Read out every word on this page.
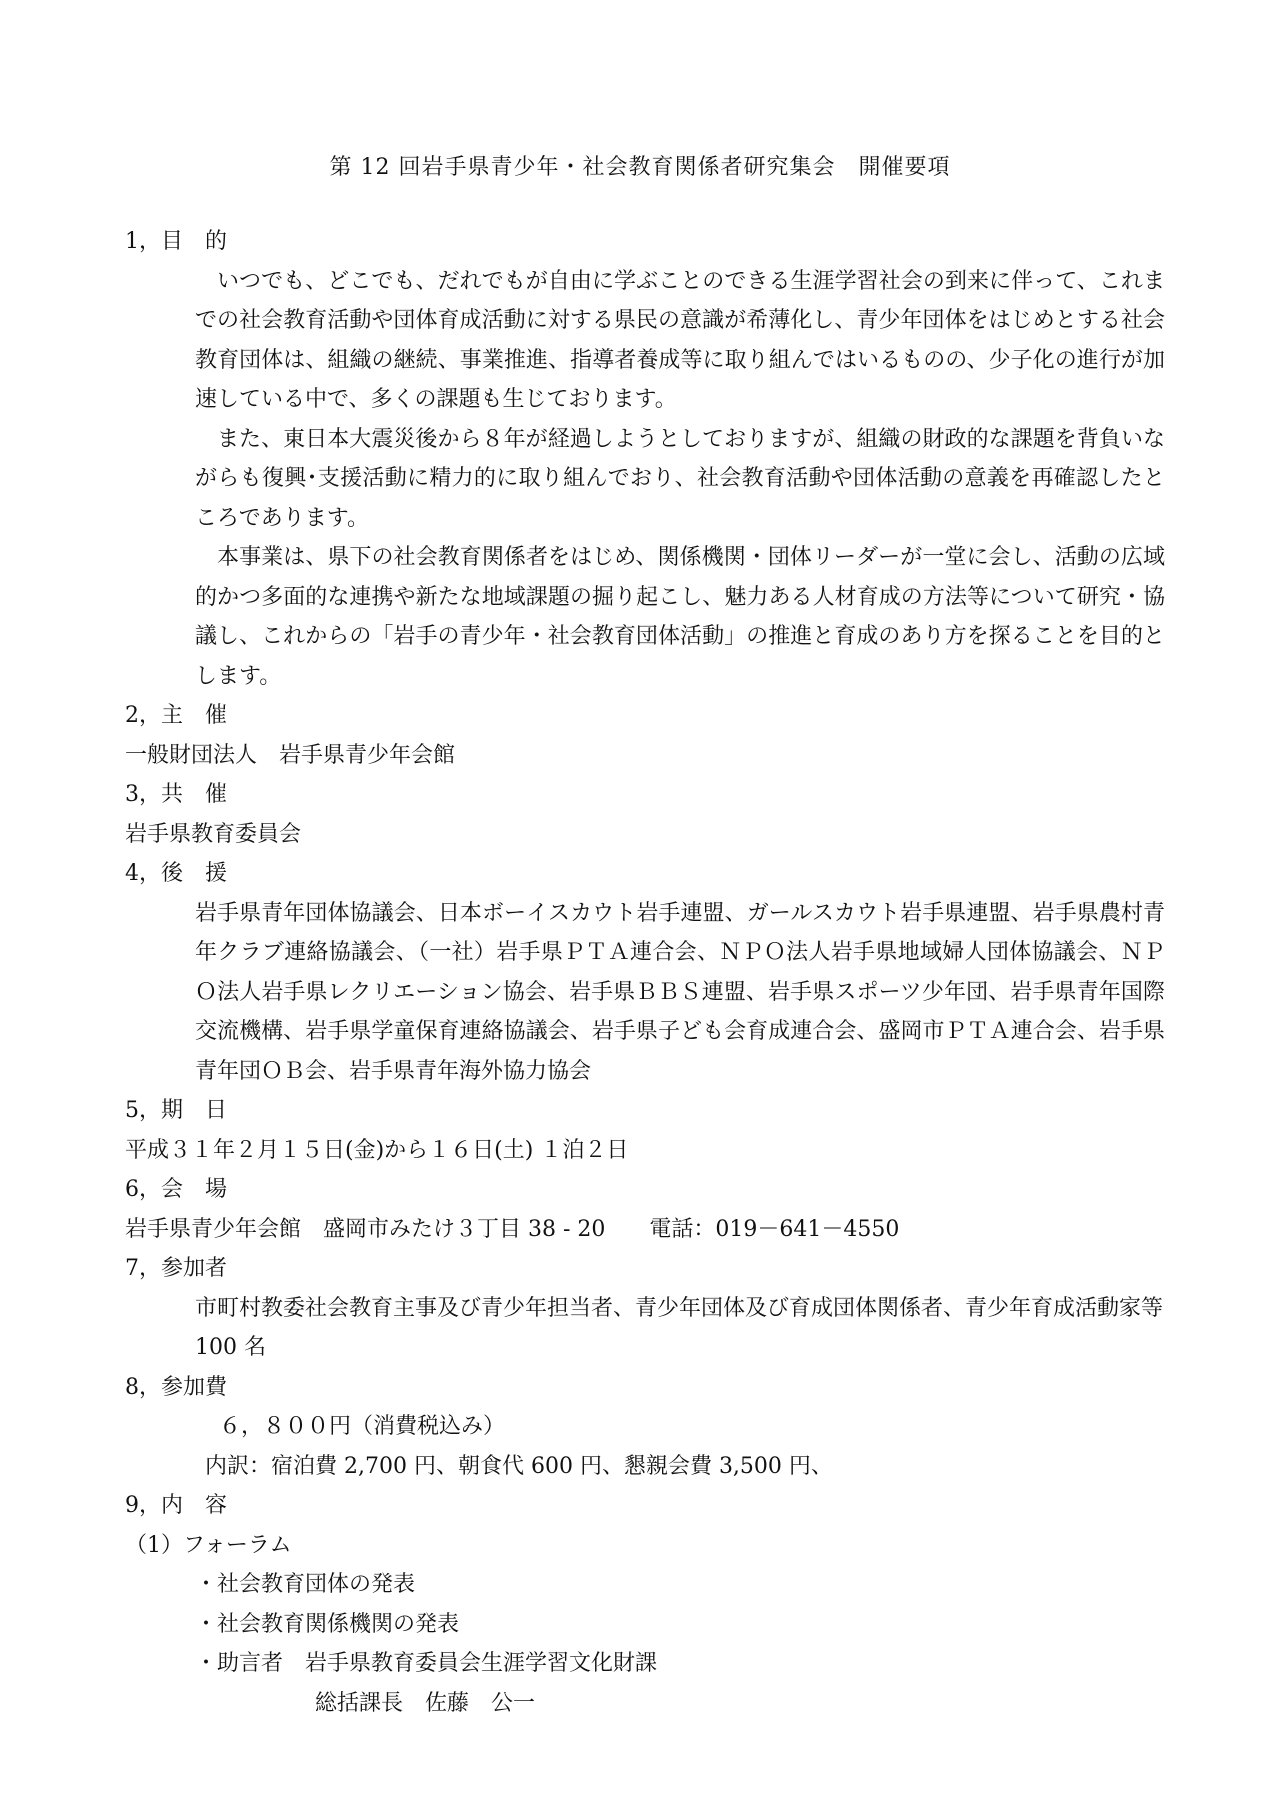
第 12 回岩手県青少年・社会教育関係者研究集会　開催要項

1，目　的

いつでも、どこでも、だれでもが自由に学ぶことのできる生涯学習社会の到来に伴って、これまでの社会教育活動や団体育成活動に対する県民の意識が希薄化し、青少年団体をはじめとする社会教育団体は、組織の継続、事業推進、指導者養成等に取り組んではいるものの、少子化の進行が加速している中で、多くの課題も生じております。

また、東日本大震災後から８年が経過しようとしておりますが、組織の財政的な課題を背負いながらも復興･支援活動に精力的に取り組んでおり、社会教育活動や団体活動の意義を再確認したところであります。

本事業は、県下の社会教育関係者をはじめ、関係機関・団体リーダーが一堂に会し、活動の広域的かつ多面的な連携や新たな地域課題の掘り起こし、魅力ある人材育成の方法等について研究・協議し、これからの「岩手の青少年・社会教育団体活動」の推進と育成のあり方を探ることを目的とします。

2，主　催

一般財団法人　岩手県青少年会館

3，共　催

岩手県教育委員会

4，後　援

岩手県青年団体協議会、日本ボーイスカウト岩手連盟、ガールスカウト岩手県連盟、岩手県農村青年クラブ連絡協議会、（一社）岩手県ＰＴＡ連合会、ＮＰＯ法人岩手県地域婦人団体協議会、ＮＰＯ法人岩手県レクリエーション協会、岩手県ＢＢＳ連盟、岩手県スポーツ少年団、岩手県青年国際交流機構、岩手県学童保育連絡協議会、岩手県子ども会育成連合会、盛岡市ＰＴＡ連合会、岩手県青年団ＯＢ会、岩手県青年海外協力協会

5，期　日

平成３１年２月１５日(金)から１６日(土) １泊２日

6，会　場

岩手県青少年会館　盛岡市みたけ３丁目 38 - 20　　電話：019－641－4550

7，参加者

市町村教委社会教育主事及び青少年担当者、青少年団体及び育成団体関係者、青少年育成活動家等 100 名

8，参加費

６，８００円（消費税込み）

内訳：宿泊費 2,700 円、朝食代 600 円、懇親会費 3,500 円、

9，内　容

（1）フォーラム

・社会教育団体の発表

・社会教育関係機関の発表

・助言者　岩手県教育委員会生涯学習文化財課

総括課長　佐藤　公一
